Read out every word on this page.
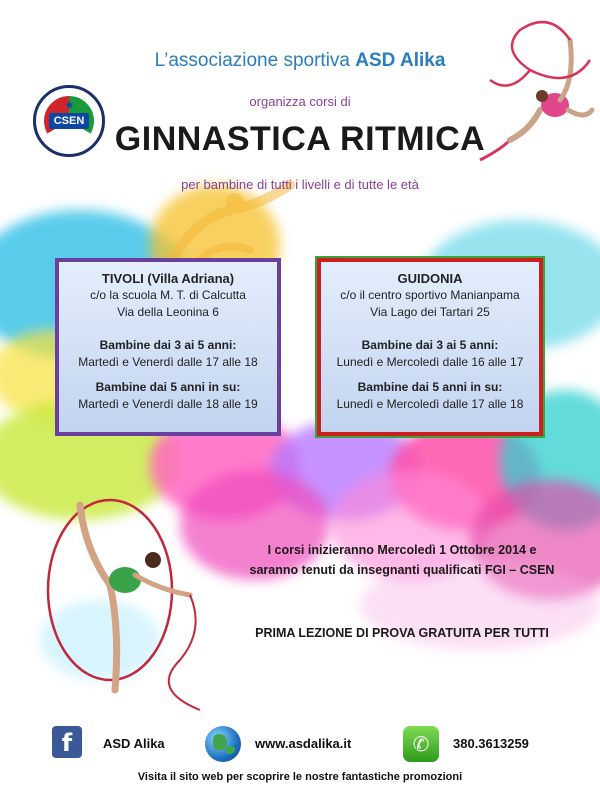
★
CSEN
L’associazione sportiva ASD Alika
organizza corsi di
GINNASTICA RITMICA
per bambine di tutti i livelli e di tutte le età
TIVOLI (Villa Adriana)
c/o la scuola M. T. di Calcutta
Via della Leonina 6
Bambine dai 3 ai 5 anni:
Martedì e Venerdì dalle 17 alle 18
Bambine dai 5 anni in su:
Martedì e Venerdì dalle 18 alle 19
GUIDONIA
c/o il centro sportivo Manianpama
Via Lago dei Tartari 25
Bambine dai 3 ai 5 anni:
Lunedì e Mercoledì dalle 16 alle 17
Bambine dai 5 anni in su:
Lunedì e Mercoledì dalle 17 alle 18
I corsi inizieranno Mercoledì 1 Ottobre 2014 e
saranno tenuti da insegnanti qualificati FGI – CSEN
PRIMA LEZIONE DI PROVA GRATUITA PER TUTTI
f	ASD Alika	www.asdalika.it	✆	380.3613259
Visita il sito web per scoprire le nostre fantastiche promozioni
